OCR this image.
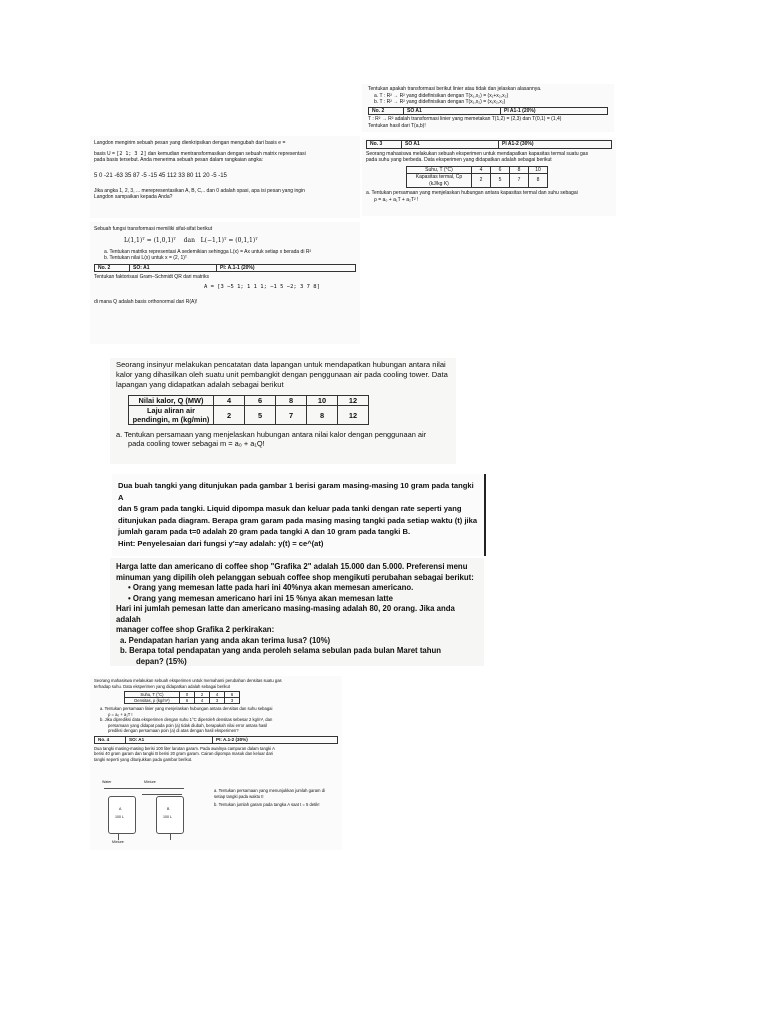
Tentukan apakah transformasi berikut linier atau tidak dan jelaskan alasannya.

a. T : R² → R² yang didefinisikan dengan T(x₁,x₂) = (x₁+x₂,x₂)

b. T : R² → R² yang didefinisikan dengan T(x₁,x₂) = (x₁x₂,x₂)

No. 2	SO A1	PI A1-1 (20%)

T : R² → R² adalah transformasi linier yang memetakan T(1,2) = (2,3) dan T(0,1) = (1,4)

Tentukan hasil dari T(a,b)!

Langdon mengirim sebuah pesan yang dienkripsikan dengan mengubah dari basis e =

basis U = [2 1; 3 2] dan kemudian mentransformasikan dengan sebuah matrix representasi

pada basis tersebut. Anda menerima sebuah pesan dalam rangkaian angka:

5 0 -21 -63 35 87 -5 -15 45 112 33 80 11 20 -5 -15

Jika angka 1, 2, 3, ... merepresentasikan A, B, C,.. dan 0 adalah spasi, apa isi pesan yang ingin

Langdon sampaikan kepada Anda?

No. 3	SO A1	PI A1-2 (30%)

Seorang mahasiswa melakukan sebuah eksperimen untuk mendapatkan kapasitas termal suatu gas

pada suhu yang berbeda. Data eksperimen yang didapatkan adalah sebagai berikut

Suhu, T (°C)	4	6	8	10
Kapasitas termal, Cp (kJ/kg K)	2	5	7	8

a. Tentukan persamaan yang menjelaskan hubungan antara kapasitas termal dan suhu sebagai

ρ = a₀ + a₁T + a₂T² !

Sebuah fungsi transformasi memiliki sifat-sifat berikut

L(1,1)ᵀ = (1,0,1)ᵀ    dan   L(−1,1)ᵀ = (0,1,1)ᵀ

a. Tentukan matriks representasi A sedemikian sehingga L(x) = Ax untuk setiap x berada di R²

b. Tentukan nilai L(x) untuk x = (2, 1)ᵀ

No. 2	SO: A1	PI: A.1-1 (20%)

Tentukan faktorisasi Gram–Schmidt QR dari matriks

A = [3 −5 1; 1 1 1; −1 5 −2; 3 7 8]

di mana Q adalah basis orthonormal dari R(A)!

Seorang insinyur melakukan pencatatan data lapangan untuk mendapatkan hubungan antara nilai

kalor yang dihasilkan oleh suatu unit pembangkit dengan penggunaan air pada cooling tower. Data

lapangan yang didapatkan adalah sebagai berikut

Nilai kalor, Q (MW)	4	6	8	10	12
Laju aliran air pendingin, m (kg/min)	2	5	7	8	12

a. Tentukan persamaan yang menjelaskan hubungan antara nilai kalor dengan penggunaan air

pada cooling tower sebagai m = a₀ + a₁Q!

Dua buah tangki yang ditunjukan pada gambar 1 berisi garam masing-masing 10 gram pada tangki A

dan 5 gram pada tangki. Liquid dipompa masuk dan keluar pada tanki dengan rate seperti yang

ditunjukan pada diagram. Berapa gram garam pada masing masing tangki pada setiap waktu (t) jika

jumlah garam pada t=0 adalah 20 gram pada tangki A dan 10 gram pada tangki B.

Hint: Penyelesaian dari fungsi y′=ay adalah: y(t) = ce^(at)

Harga latte dan americano di coffee shop "Grafika 2" adalah 15.000 dan 5.000. Preferensi menu

minuman yang dipilih oleh pelanggan sebuah coffee shop mengikuti perubahan sebagai berikut:

• Orang yang memesan latte pada hari ini 40%nya akan memesan americano.

• Orang yang memesan americano hari ini 15 %nya akan memesan latte

Hari ini jumlah pemesan latte dan americano masing-masing adalah 80, 20 orang. Jika anda adalah

manager coffee shop Grafika 2 perkirakan:

a. Pendapatan harian yang anda akan terima lusa? (10%)

b. Berapa total pendapatan yang anda peroleh selama sebulan pada bulan Maret tahun

depan? (15%)

Seorang mahasiswa melakukan sebuah eksperimen untuk memahami perubahan densitas suatu gas

terhadap suhu. Data eksperimen yang didapatkan adalah sebagai berikut

Suhu, T (°C)	0	2	4	6
Densitas, ρ (kg/m³)	6	4	3	3

a. Tentukan persamaan linier yang menjelaskan hubungan antara densitas dan suhu sebagai

ρ = a₀ + a₁T !

b. Jika diprediksi data eksperimen dengan suhu 1°C diperoleh densitas sebesar 2 kg/m³, dan

persamaan yang didapat pada poin (a) tidak diubah, berapakah nilai error antara hasil

prediksi dengan persamaan poin (a) di atas dengan hasil eksperimen?

No. 4	SO: A1	PI: A.1-2 (30%)

Dua tangki masing-masing berisi 100 liter larutan garam. Pada awalnya campuran dalam tangki A

berisi 40 gram garam dan tangki B berisi 20 gram garam. Cairan dipompa masuk dan keluar dari

tangki seperti yang ditunjukkan pada gambar berikut.

Water	Mixture
A
100 L
B
100 L
Mixture

a. Tentukan persamaan yang menunjukkan jumlah garam di setiap tangki pada waktu t!

b. Tentukan jumlah garam pada tangka A saat t = 5 detik!
